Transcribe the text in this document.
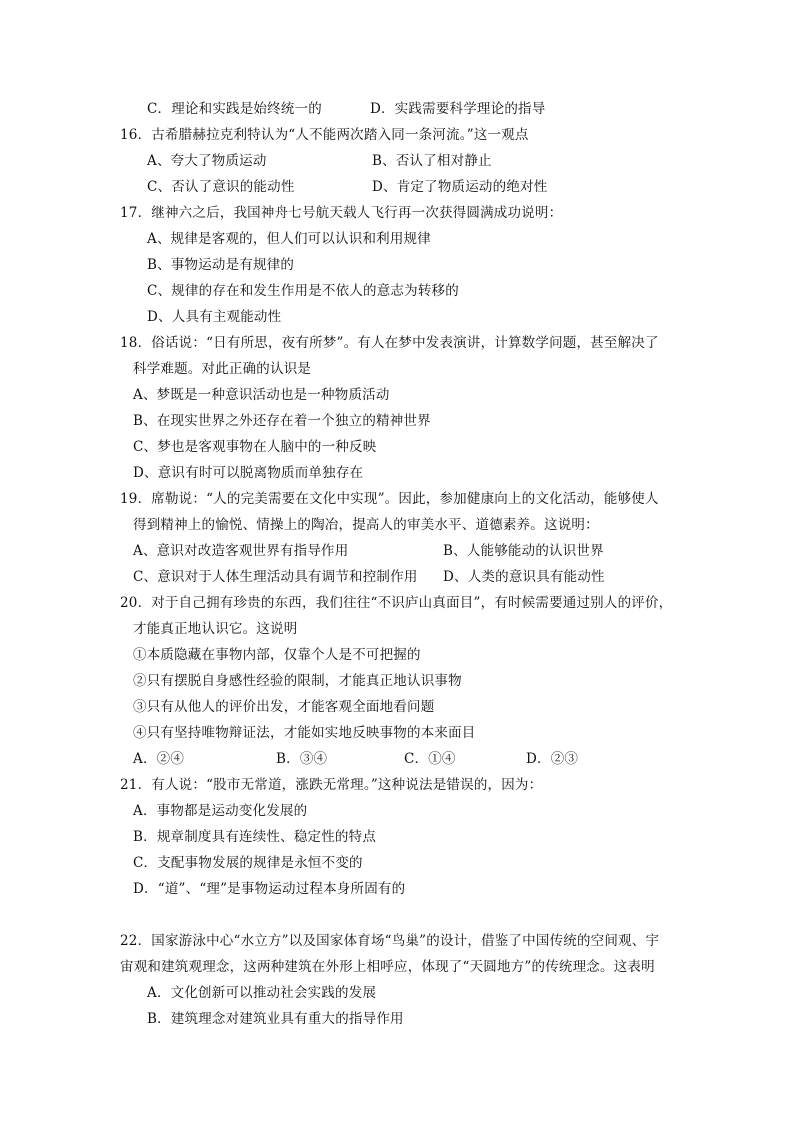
C．理论和实践是始终统一的	D．实践需要科学理论的指导
16．古希腊赫拉克利特认为“人不能两次踏入同一条河流。”这一观点
A、夸大了物质运动	B、否认了相对静止
C、否认了意识的能动性	D、肯定了物质运动的绝对性
17．继神六之后，我国神舟七号航天载人飞行再一次获得圆满成功说明：
A、规律是客观的，但人们可以认识和利用规律
B、事物运动是有规律的
C、规律的存在和发生作用是不依人的意志为转移的
D、人具有主观能动性
18．俗话说：“日有所思，夜有所梦”。有人在梦中发表演讲，计算数学问题，甚至解决了
科学难题。对此正确的认识是
A、梦既是一种意识活动也是一种物质活动
B、在现实世界之外还存在着一个独立的精神世界
C、梦也是客观事物在人脑中的一种反映
D、意识有时可以脱离物质而单独存在
19．席勒说：“人的完美需要在文化中实现”。因此，参加健康向上的文化活动，能够使人
得到精神上的愉悦、情操上的陶冶，提高人的审美水平、道德素养。这说明：
A、意识对改造客观世界有指导作用	B、人能够能动的认识世界
C、意识对于人体生理活动具有调节和控制作用 D、人类的意识具有能动性
20．对于自己拥有珍贵的东西，我们往往“不识庐山真面目”，有时候需要通过别人的评价，
才能真正地认识它。这说明
①本质隐藏在事物内部，仅靠个人是不可把握的
②只有摆脱自身感性经验的限制，才能真正地认识事物
③只有从他人的评价出发，才能客观全面地看问题
④只有坚持唯物辩证法，才能如实地反映事物的本来面目
A．②④	B．③④	C．①④	D．②③
21．有人说：“股市无常道，涨跌无常理。”这种说法是错误的，因为：
A．事物都是运动变化发展的
B．规章制度具有连续性、稳定性的特点
C．支配事物发展的规律是永恒不变的
D．“道”、“理”是事物运动过程本身所固有的
22．国家游泳中心“水立方”以及国家体育场“鸟巢”的设计，借鉴了中国传统的空间观、宇
宙观和建筑观理念，这两种建筑在外形上相呼应，体现了“天圆地方”的传统理念。这表明
A．文化创新可以推动社会实践的发展
B．建筑理念对建筑业具有重大的指导作用
